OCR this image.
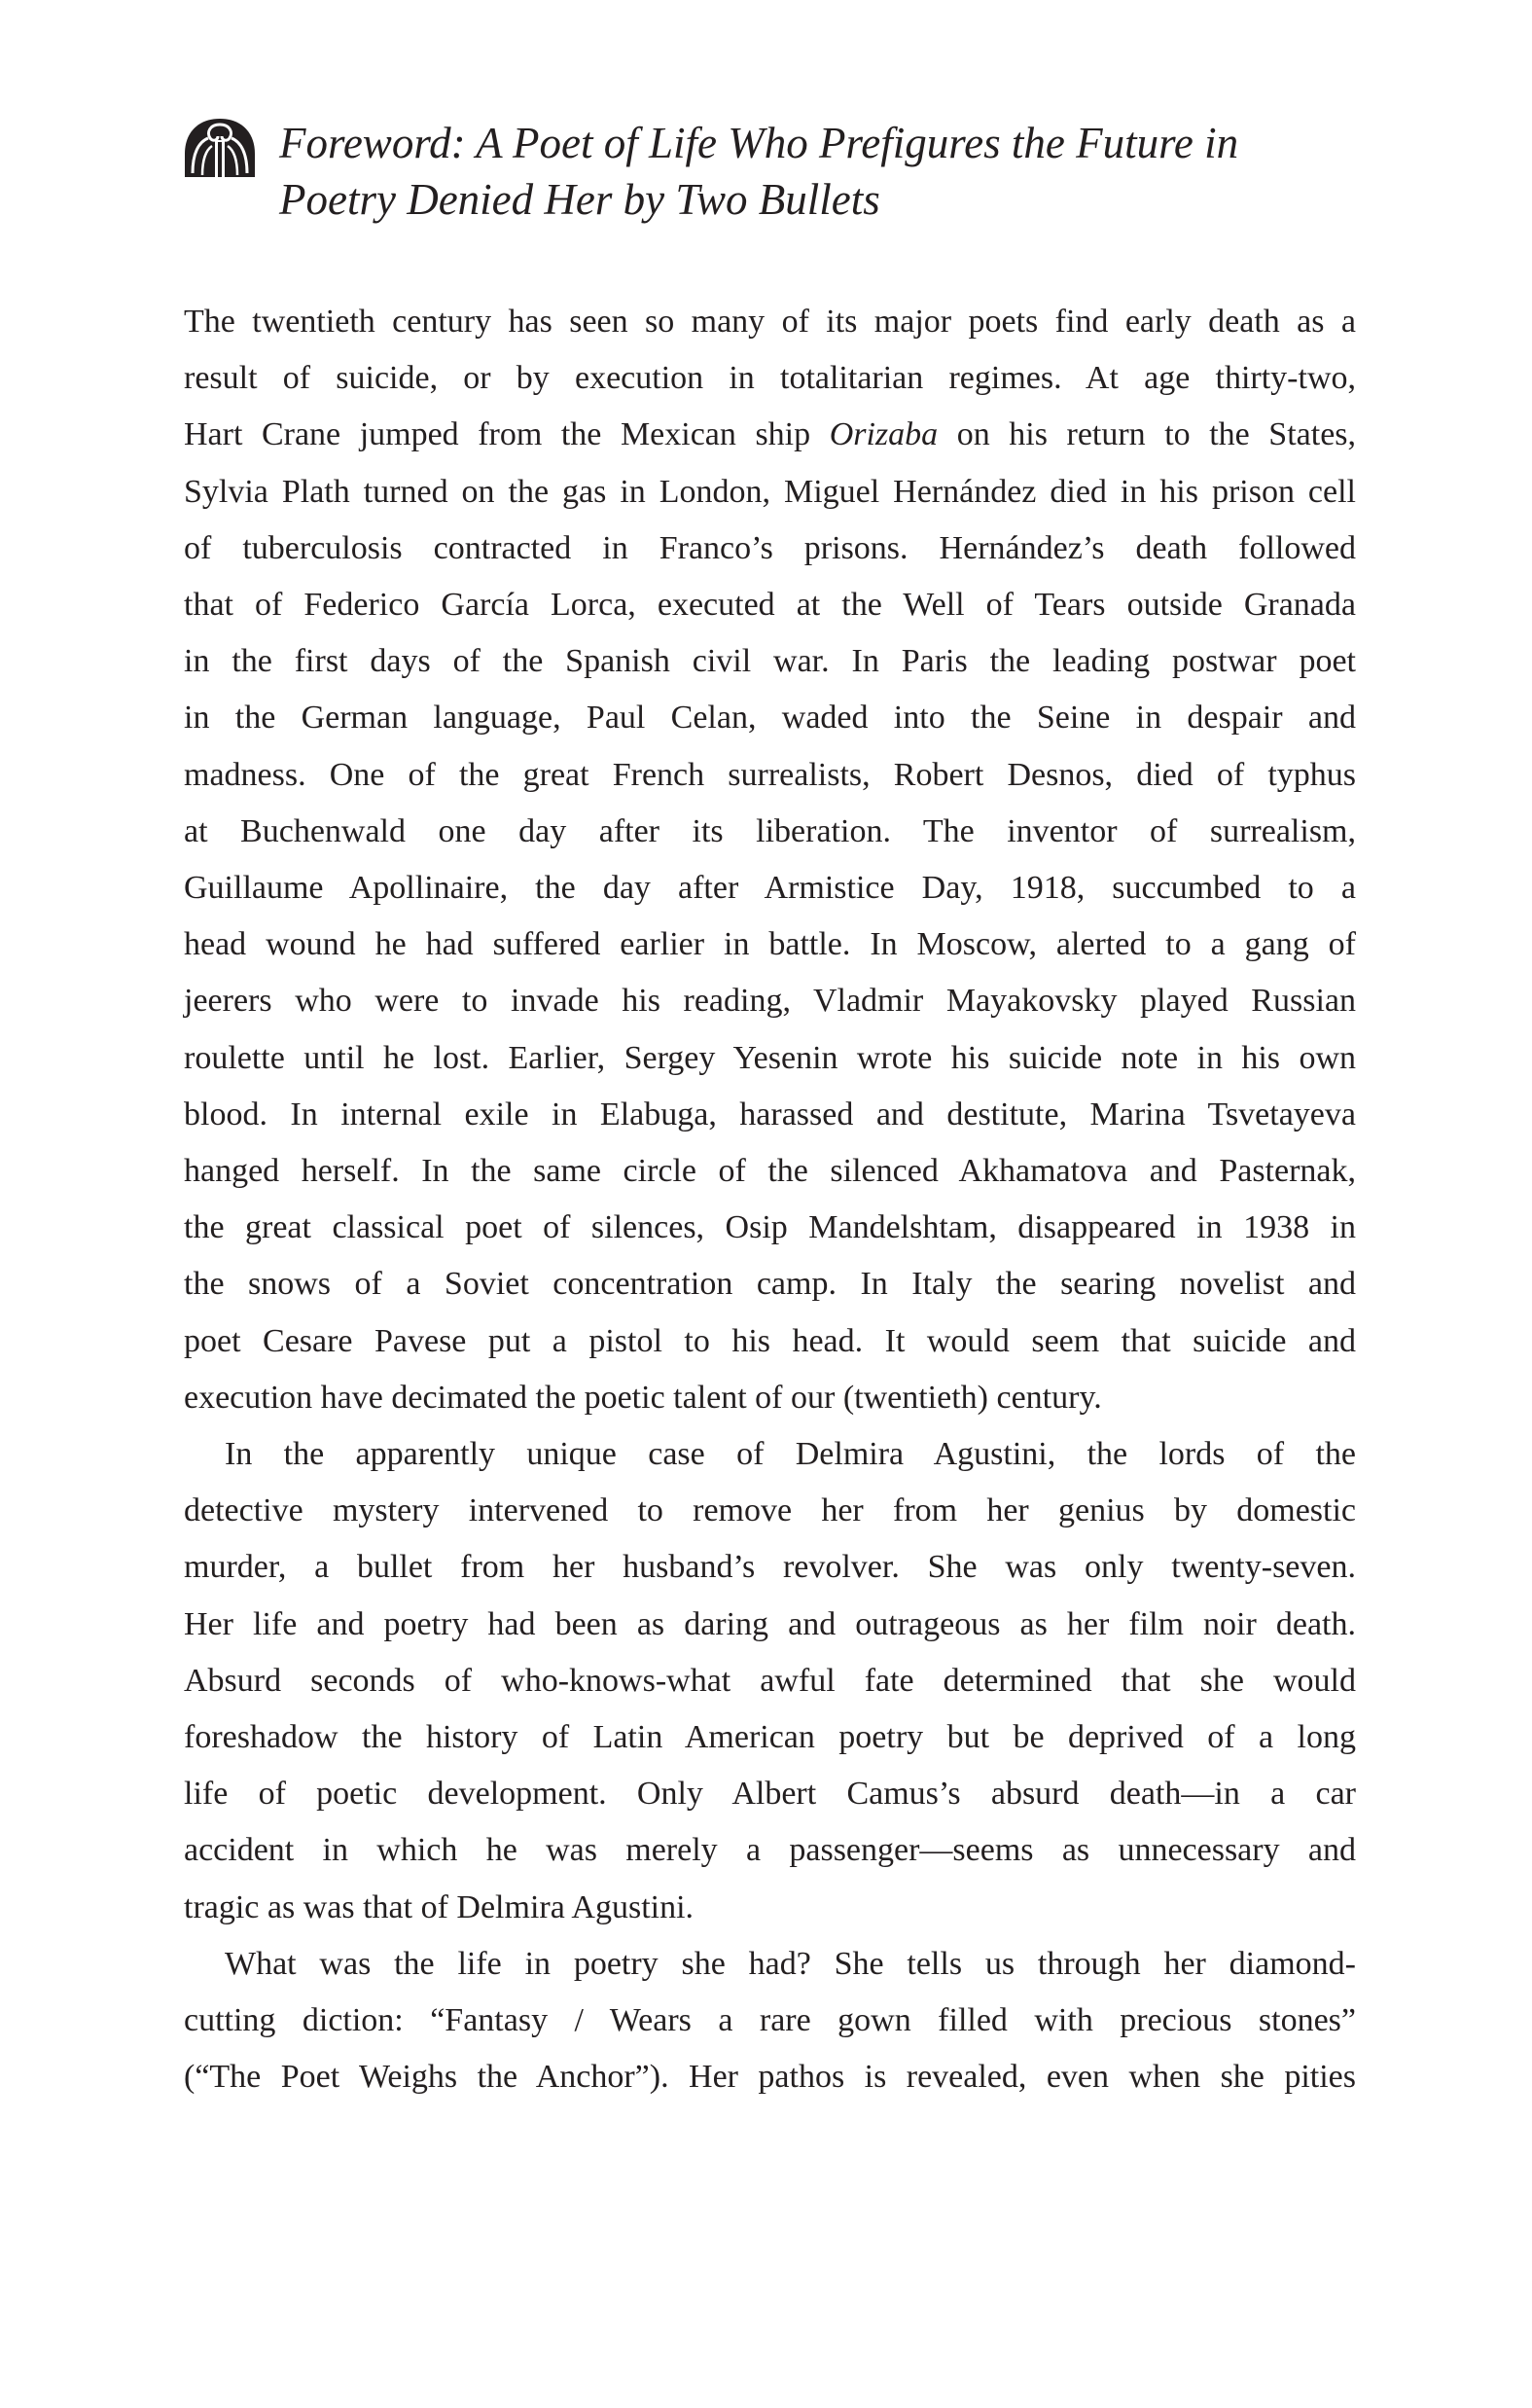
Foreword: A Poet of Life Who Prefigures the Future in
Poetry Denied Her by Two Bullets

The twentieth century has seen so many of its major poets find early death as a
result of suicide, or by execution in totalitarian regimes. At age thirty-two,
Hart Crane jumped from the Mexican ship Orizaba on his return to the States,
Sylvia Plath turned on the gas in London, Miguel Hernández died in his prison cell
of tuberculosis contracted in Franco’s prisons. Hernández’s death followed
that of Federico García Lorca, executed at the Well of Tears outside Granada
in the first days of the Spanish civil war. In Paris the leading postwar poet
in the German language, Paul Celan, waded into the Seine in despair and
madness. One of the great French surrealists, Robert Desnos, died of typhus
at Buchenwald one day after its liberation. The inventor of surrealism,
Guillaume Apollinaire, the day after Armistice Day, 1918, succumbed to a
head wound he had suffered earlier in battle. In Moscow, alerted to a gang of
jeerers who were to invade his reading, Vladmir Mayakovsky played Russian
roulette until he lost. Earlier, Sergey Yesenin wrote his suicide note in his own
blood. In internal exile in Elabuga, harassed and destitute, Marina Tsvetayeva
hanged herself. In the same circle of the silenced Akhamatova and Pasternak,
the great classical poet of silences, Osip Mandelshtam, disappeared in 1938 in
the snows of a Soviet concentration camp. In Italy the searing novelist and
poet Cesare Pavese put a pistol to his head. It would seem that suicide and
execution have decimated the poetic talent of our (twentieth) century.

In the apparently unique case of Delmira Agustini, the lords of the
detective mystery intervened to remove her from her genius by domestic
murder, a bullet from her husband’s revolver. She was only twenty-seven.
Her life and poetry had been as daring and outrageous as her film noir death.
Absurd seconds of who-knows-what awful fate determined that she would
foreshadow the history of Latin American poetry but be deprived of a long
life of poetic development. Only Albert Camus’s absurd death—in a car
accident in which he was merely a passenger—seems as unnecessary and
tragic as was that of Delmira Agustini.

What was the life in poetry she had? She tells us through her diamond-
cutting diction: “Fantasy / Wears a rare gown filled with precious stones”
(“The Poet Weighs the Anchor”). Her pathos is revealed, even when she pities
